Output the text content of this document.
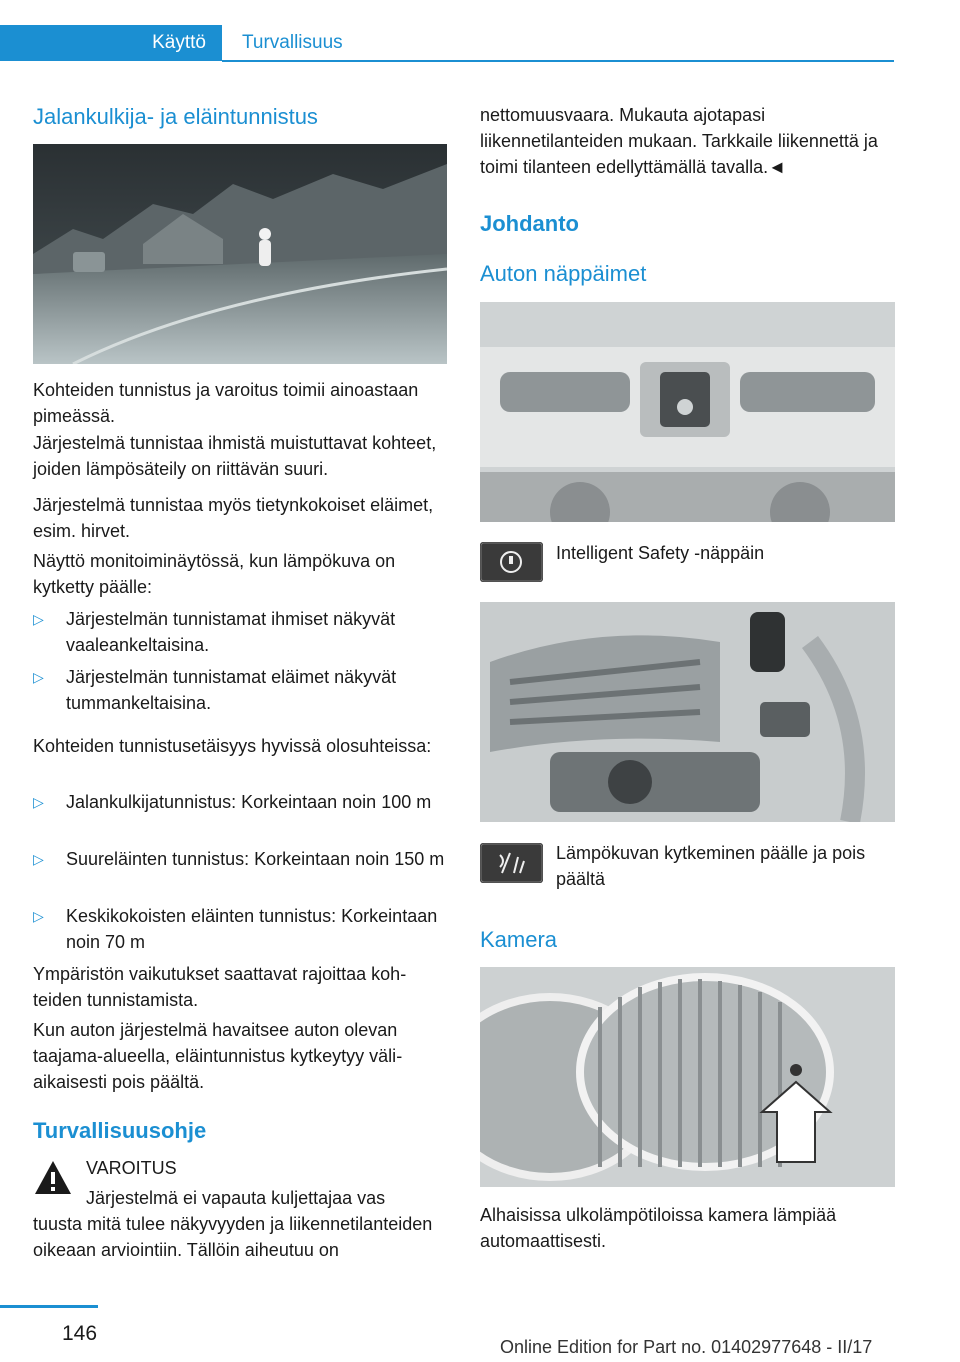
Käyttö	Turvallisuus
Jalankulkija- ja eläintunnistus

Kohteiden tunnistus ja varoitus toimii ainoastaan pimeässä.

Järjestelmä tunnistaa ihmistä muistuttavat kohteet, joiden lämpösäteily on riittävän suuri.

Järjestelmä tunnistaa myös tietynkokoiset eläimet, esim. hirvet.

Näyttö monitoiminäytössä, kun lämpökuva on kytketty päälle:

▷ Järjestelmän tunnistamat ihmiset näkyvät vaaleankeltaisina.
▷ Järjestelmän tunnistamat eläimet näkyvät tummankeltaisina.

Kohteiden tunnistusetäisyys hyvissä olosuhteissa:

▷ Jalankulkijatunnistus: Korkeintaan noin 100 m
▷ Suureläinten tunnistus: Korkeintaan noin 150 m
▷ Keskikokoisten eläinten tunnistus: Korkeintaan noin 70 m

Ympäristön vaikutukset saattavat rajoittaa kohteiden tunnistamista.

Kun auton järjestelmä havaitsee auton olevan taajama-alueella, eläintunnistus kytkeytyy väliaikaisesti pois päältä.

Turvallisuusohje

VAROITUS

Järjestelmä ei vapauta kuljettajaa vas

tuusta mitä tulee näkyvyyden ja liikennetilanteiden oikeaan arviointiin. Tällöin aiheutuu on

nettomuusvaara. Mukauta ajotapasi liikennetilanteiden mukaan. Tarkkaile liikennettä ja toimi tilanteen edellyttämällä tavalla.◄

Johdanto
Auton näppäimet

Intelligent Safety -näppäin

Lämpökuvan kytkeminen päälle ja pois päältä

Kamera

Alhaisissa ulkolämpötiloissa kamera lämpiää automaattisesti.

146
Online Edition for Part no. 01402977648 - II/17
